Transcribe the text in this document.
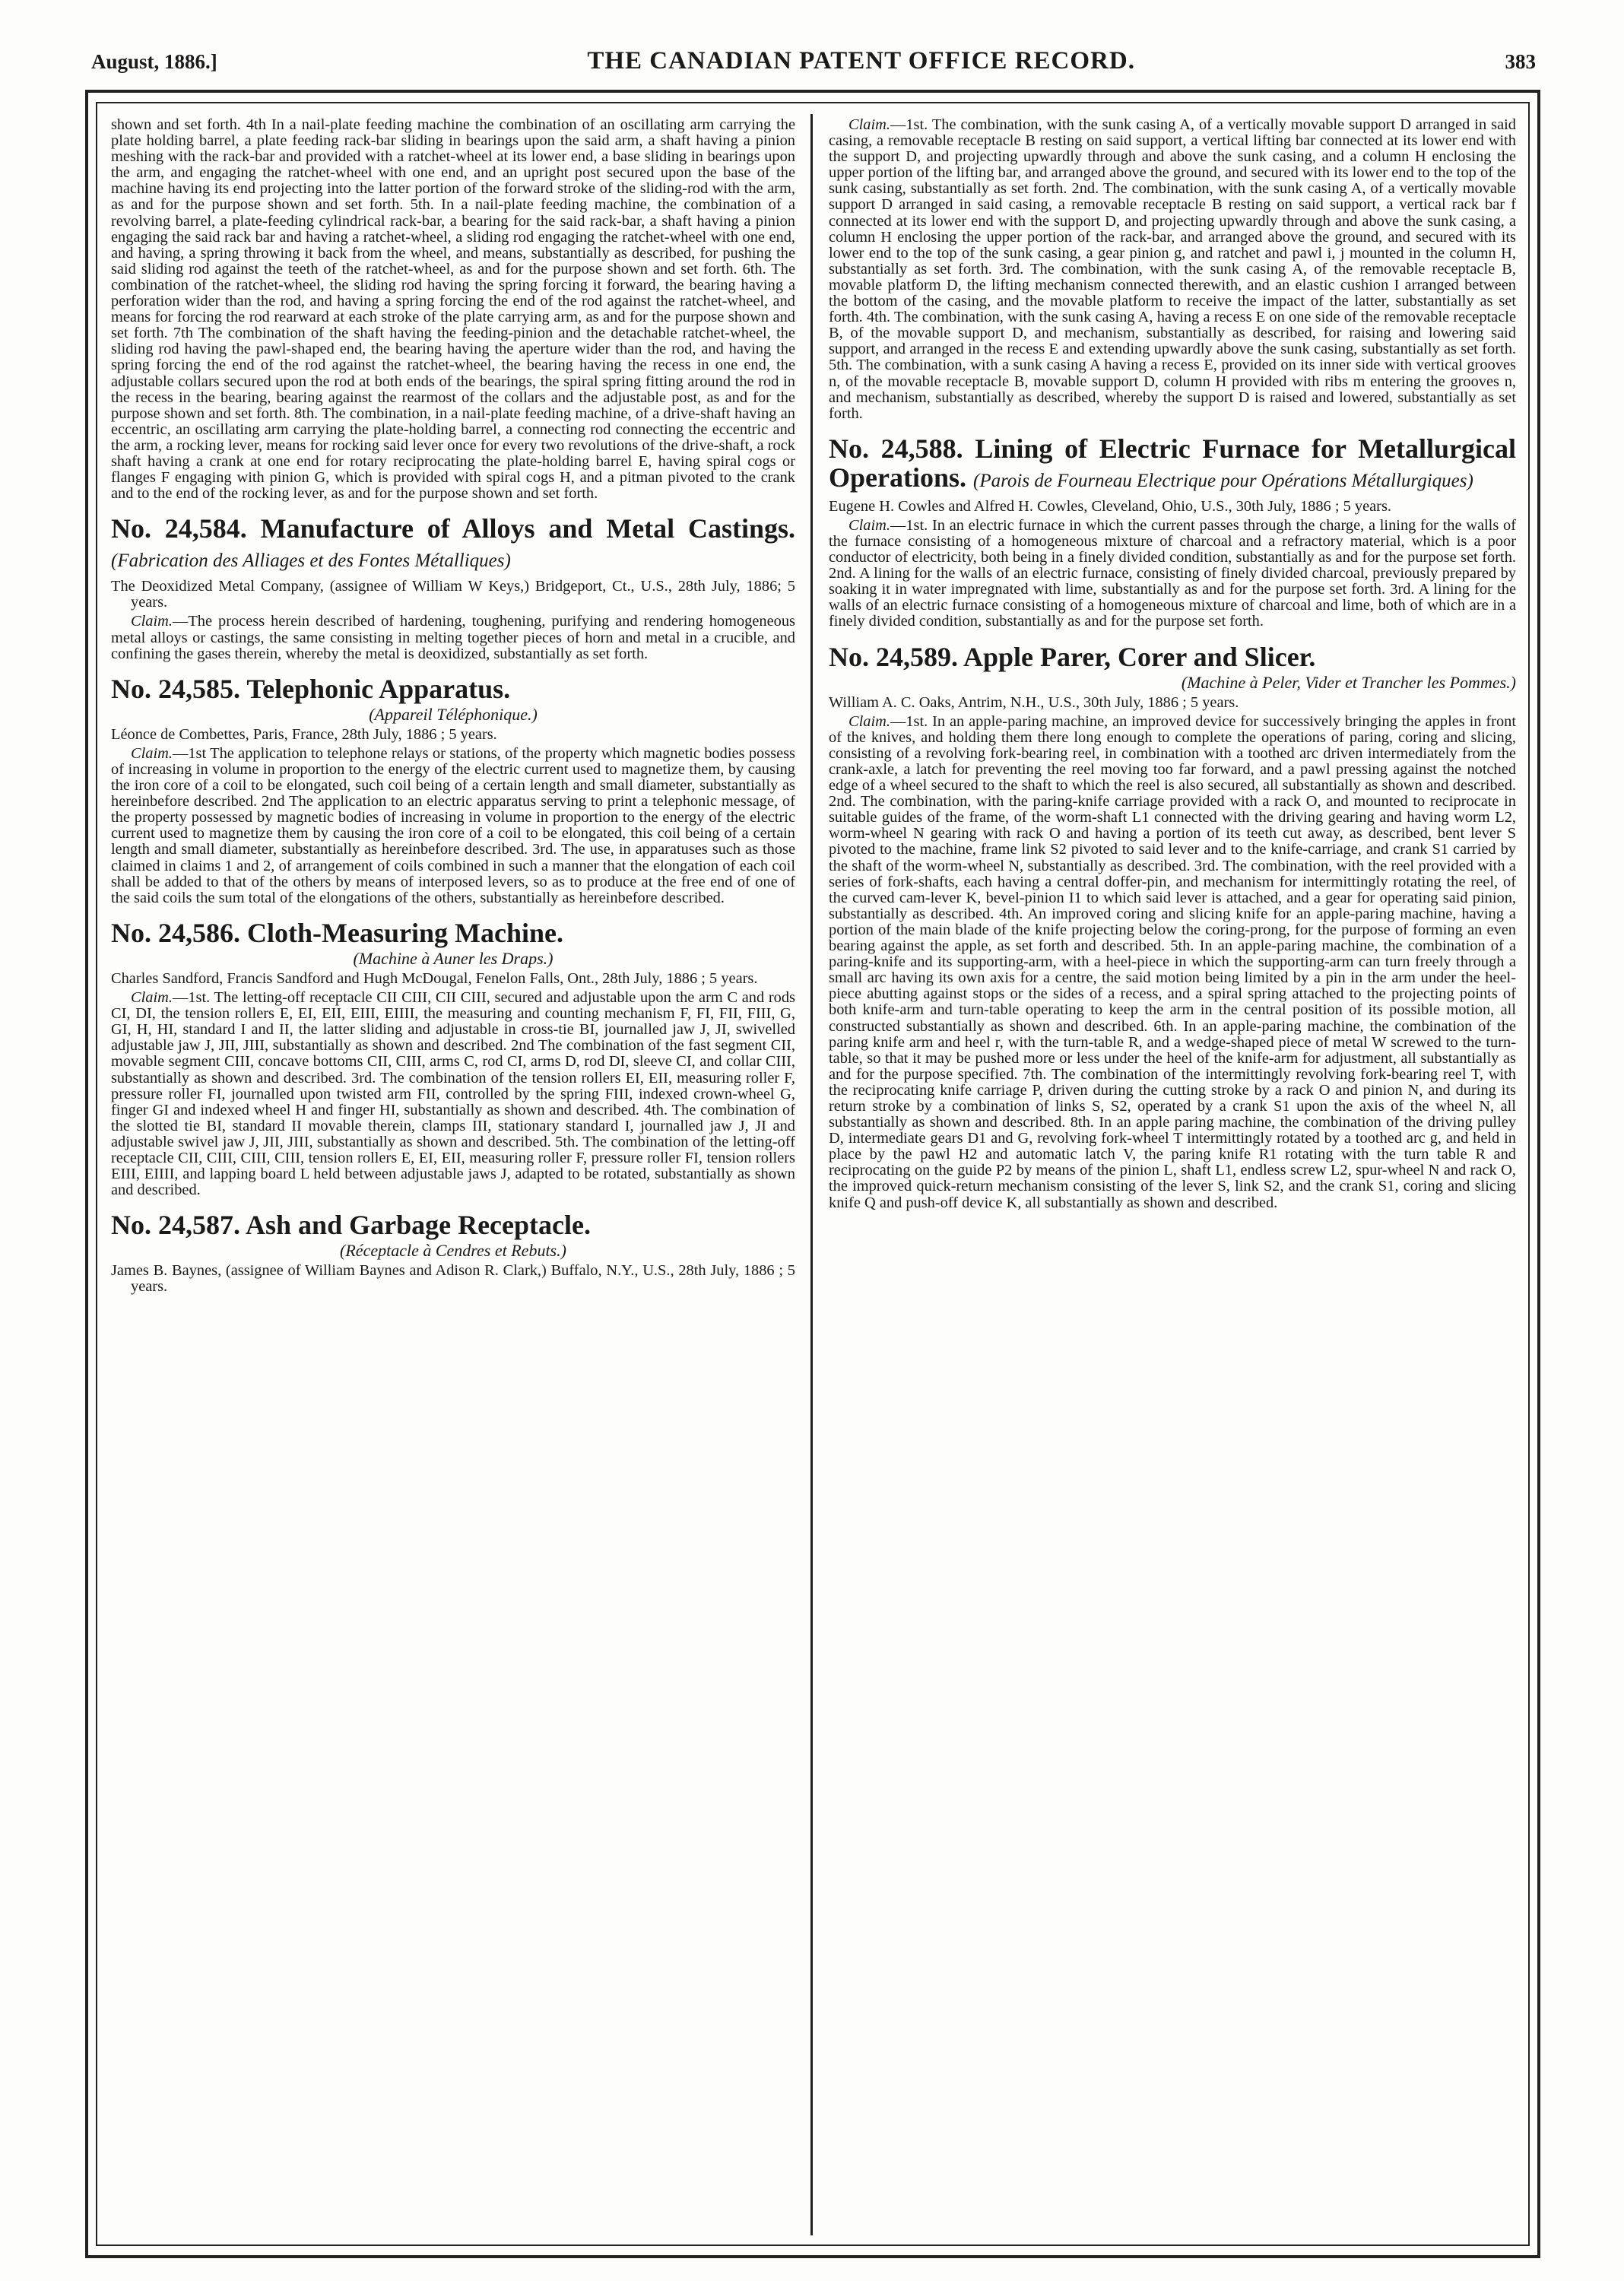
August, 1886.]	THE CANADIAN PATENT OFFICE RECORD.	383

shown and set forth. 4th In a nail-plate feeding machine the combination of an oscillating arm carrying the plate holding barrel, a plate feeding rack-bar sliding in bearings upon the said arm, a shaft having a pinion meshing with the rack-bar and provided with a ratchet-wheel at its lower end, a base sliding in bearings upon the arm, and engaging the ratchet-wheel with one end, and an upright post secured upon the base of the machine having its end projecting into the latter portion of the forward stroke of the sliding-rod with the arm, as and for the purpose shown and set forth. 5th. In a nail-plate feeding machine, the combination of a revolving barrel, a plate-feeding cylindrical rack-bar, a bearing for the said rack-bar, a shaft having a pinion engaging the said rack bar and having a ratchet-wheel, a sliding rod engaging the ratchet-wheel with one end, and having, a spring throwing it back from the wheel, and means, substantially as described, for pushing the said sliding rod against the teeth of the ratchet-wheel, as and for the purpose shown and set forth. 6th. The combination of the ratchet-wheel, the sliding rod having the spring forcing it forward, the bearing having a perforation wider than the rod, and having a spring forcing the end of the rod against the ratchet-wheel, and means for forcing the rod rearward at each stroke of the plate carrying arm, as and for the purpose shown and set forth. 7th The combination of the shaft having the feeding-pinion and the detachable ratchet-wheel, the sliding rod having the pawl-shaped end, the bearing having the aperture wider than the rod, and having the spring forcing the end of the rod against the ratchet-wheel, the bearing having the recess in one end, the adjustable collars secured upon the rod at both ends of the bearings, the spiral spring fitting around the rod in the recess in the bearing, bearing against the rearmost of the collars and the adjustable post, as and for the purpose shown and set forth. 8th. The combination, in a nail-plate feeding machine, of a drive-shaft having an eccentric, an oscillating arm carrying the plate-holding barrel, a connecting rod connecting the eccentric and the arm, a rocking lever, means for rocking said lever once for every two revolutions of the drive-shaft, a rock shaft having a crank at one end for rotary reciprocating the plate-holding barrel E, having spiral cogs or flanges F engaging with pinion G, which is provided with spiral cogs H, and a pitman pivoted to the crank and to the end of the rocking lever, as and for the purpose shown and set forth.

No. 24,584. Manufacture of Alloys and Metal Castings. (Fabrication des Alliages et des Fontes Métalliques)

The Deoxidized Metal Company, (assignee of William W Keys,) Bridgeport, Ct., U.S., 28th July, 1886; 5 years.

Claim.—The process herein described of hardening, toughening, purifying and rendering homogeneous metal alloys or castings, the same consisting in melting together pieces of horn and metal in a crucible, and confining the gases therein, whereby the metal is deoxidized, substantially as set forth.

No. 24,585. Telephonic Apparatus.
(Appareil Téléphonique.)

Léonce de Combettes, Paris, France, 28th July, 1886 ; 5 years.

Claim.—1st The application to telephone relays or stations, of the property which magnetic bodies possess of increasing in volume in proportion to the energy of the electric current used to magnetize them, by causing the iron core of a coil to be elongated, such coil being of a certain length and small diameter, substantially as hereinbefore described. 2nd The application to an electric apparatus serving to print a telephonic message, of the property possessed by magnetic bodies of increasing in volume in proportion to the energy of the electric current used to magnetize them by causing the iron core of a coil to be elongated, this coil being of a certain length and small diameter, substantially as hereinbefore described. 3rd. The use, in apparatuses such as those claimed in claims 1 and 2, of arrangement of coils combined in such a manner that the elongation of each coil shall be added to that of the others by means of interposed levers, so as to produce at the free end of one of the said coils the sum total of the elongations of the others, substantially as hereinbefore described.

No. 24,586. Cloth-Measuring Machine.
(Machine à Auner les Draps.)

Charles Sandford, Francis Sandford and Hugh McDougal, Fenelon Falls, Ont., 28th July, 1886 ; 5 years.

Claim.—1st. The letting-off receptacle CII CIII, CII CIII, secured and adjustable upon the arm C and rods CI, DI, the tension rollers E, EI, EII, EIII, EIIII, the measuring and counting mechanism F, FI, FII, FIII, G, GI, H, HI, standard I and II, the latter sliding and adjustable in cross-tie BI, journalled jaw J, JI, swivelled adjustable jaw J, JII, JIII, substantially as shown and described. 2nd The combination of the fast segment CII, movable segment CIII, concave bottoms CII, CIII, arms C, rod CI, arms D, rod DI, sleeve CI, and collar CIII, substantially as shown and described. 3rd. The combination of the tension rollers EI, EII, measuring roller F, pressure roller FI, journalled upon twisted arm FII, controlled by the spring FIII, indexed crown-wheel G, finger GI and indexed wheel H and finger HI, substantially as shown and described. 4th. The combination of the slotted tie BI, standard II movable therein, clamps III, stationary standard I, journalled jaw J, JI and adjustable swivel jaw J, JII, JIII, substantially as shown and described. 5th. The combination of the letting-off receptacle CII, CIII, CIII, CIII, tension rollers E, EI, EII, measuring roller F, pressure roller FI, tension rollers EIII, EIIII, and lapping board L held between adjustable jaws J, adapted to be rotated, substantially as shown and described.

No. 24,587. Ash and Garbage Receptacle.
(Réceptacle à Cendres et Rebuts.)

James B. Baynes, (assignee of William Baynes and Adison R. Clark,) Buffalo, N.Y., U.S., 28th July, 1886 ; 5 years.

Claim.—1st. The combination, with the sunk casing A, of a vertically movable support D arranged in said casing, a removable receptacle B resting on said support, a vertical lifting bar connected at its lower end with the support D, and projecting upwardly through and above the sunk casing, and a column H enclosing the upper portion of the lifting bar, and arranged above the ground, and secured with its lower end to the top of the sunk casing, substantially as set forth. 2nd. The combination, with the sunk casing A, of a vertically movable support D arranged in said casing, a removable receptacle B resting on said support, a vertical rack bar f connected at its lower end with the support D, and projecting upwardly through and above the sunk casing, a column H enclosing the upper portion of the rack-bar, and arranged above the ground, and secured with its lower end to the top of the sunk casing, a gear pinion g, and ratchet and pawl i, j mounted in the column H, substantially as set forth. 3rd. The combination, with the sunk casing A, of the removable receptacle B, movable platform D, the lifting mechanism connected therewith, and an elastic cushion I arranged between the bottom of the casing, and the movable platform to receive the impact of the latter, substantially as set forth. 4th. The combination, with the sunk casing A, having a recess E on one side of the removable receptacle B, of the movable support D, and mechanism, substantially as described, for raising and lowering said support, and arranged in the recess E and extending upwardly above the sunk casing, substantially as set forth. 5th. The combination, with a sunk casing A having a recess E, provided on its inner side with vertical grooves n, of the movable receptacle B, movable support D, column H provided with ribs m entering the grooves n, and mechanism, substantially as described, whereby the support D is raised and lowered, substantially as set forth.

No. 24,588. Lining of Electric Furnace for Metallurgical Operations. (Parois de Fourneau Electrique pour Opérations Métallurgiques)

Eugene H. Cowles and Alfred H. Cowles, Cleveland, Ohio, U.S., 30th July, 1886 ; 5 years.

Claim.—1st. In an electric furnace in which the current passes through the charge, a lining for the walls of the furnace consisting of a homogeneous mixture of charcoal and a refractory material, which is a poor conductor of electricity, both being in a finely divided condition, substantially as and for the purpose set forth. 2nd. A lining for the walls of an electric furnace, consisting of finely divided charcoal, previously prepared by soaking it in water impregnated with lime, substantially as and for the purpose set forth. 3rd. A lining for the walls of an electric furnace consisting of a homogeneous mixture of charcoal and lime, both of which are in a finely divided condition, substantially as and for the purpose set forth.

No. 24,589. Apple Parer, Corer and Slicer.
(Machine à Peler, Vider et Trancher les Pommes.)

William A. C. Oaks, Antrim, N.H., U.S., 30th July, 1886 ; 5 years.

Claim.—1st. In an apple-paring machine, an improved device for successively bringing the apples in front of the knives, and holding them there long enough to complete the operations of paring, coring and slicing, consisting of a revolving fork-bearing reel, in combination with a toothed arc driven intermediately from the crank-axle, a latch for preventing the reel moving too far forward, and a pawl pressing against the notched edge of a wheel secured to the shaft to which the reel is also secured, all substantially as shown and described. 2nd. The combination, with the paring-knife carriage provided with a rack O, and mounted to reciprocate in suitable guides of the frame, of the worm-shaft L1 connected with the driving gearing and having worm L2, worm-wheel N gearing with rack O and having a portion of its teeth cut away, as described, bent lever S pivoted to the machine, frame link S2 pivoted to said lever and to the knife-carriage, and crank S1 carried by the shaft of the worm-wheel N, substantially as described. 3rd. The combination, with the reel provided with a series of fork-shafts, each having a central doffer-pin, and mechanism for intermittingly rotating the reel, of the curved cam-lever K, bevel-pinion I1 to which said lever is attached, and a gear for operating said pinion, substantially as described. 4th. An improved coring and slicing knife for an apple-paring machine, having a portion of the main blade of the knife projecting below the coring-prong, for the purpose of forming an even bearing against the apple, as set forth and described. 5th. In an apple-paring machine, the combination of a paring-knife and its supporting-arm, with a heel-piece in which the supporting-arm can turn freely through a small arc having its own axis for a centre, the said motion being limited by a pin in the arm under the heel-piece abutting against stops or the sides of a recess, and a spiral spring attached to the projecting points of both knife-arm and turn-table operating to keep the arm in the central position of its possible motion, all constructed substantially as shown and described. 6th. In an apple-paring machine, the combination of the paring knife arm and heel r, with the turn-table R, and a wedge-shaped piece of metal W screwed to the turn-table, so that it may be pushed more or less under the heel of the knife-arm for adjustment, all substantially as and for the purpose specified. 7th. The combination of the intermittingly revolving fork-bearing reel T, with the reciprocating knife carriage P, driven during the cutting stroke by a rack O and pinion N, and during its return stroke by a combination of links S, S2, operated by a crank S1 upon the axis of the wheel N, all substantially as shown and described. 8th. In an apple paring machine, the combination of the driving pulley D, intermediate gears D1 and G, revolving fork-wheel T intermittingly rotated by a toothed arc g, and held in place by the pawl H2 and automatic latch V, the paring knife R1 rotating with the turn table R and reciprocating on the guide P2 by means of the pinion L, shaft L1, endless screw L2, spur-wheel N and rack O, the improved quick-return mechanism consisting of the lever S, link S2, and the crank S1, coring and slicing knife Q and push-off device K, all substantially as shown and described.
